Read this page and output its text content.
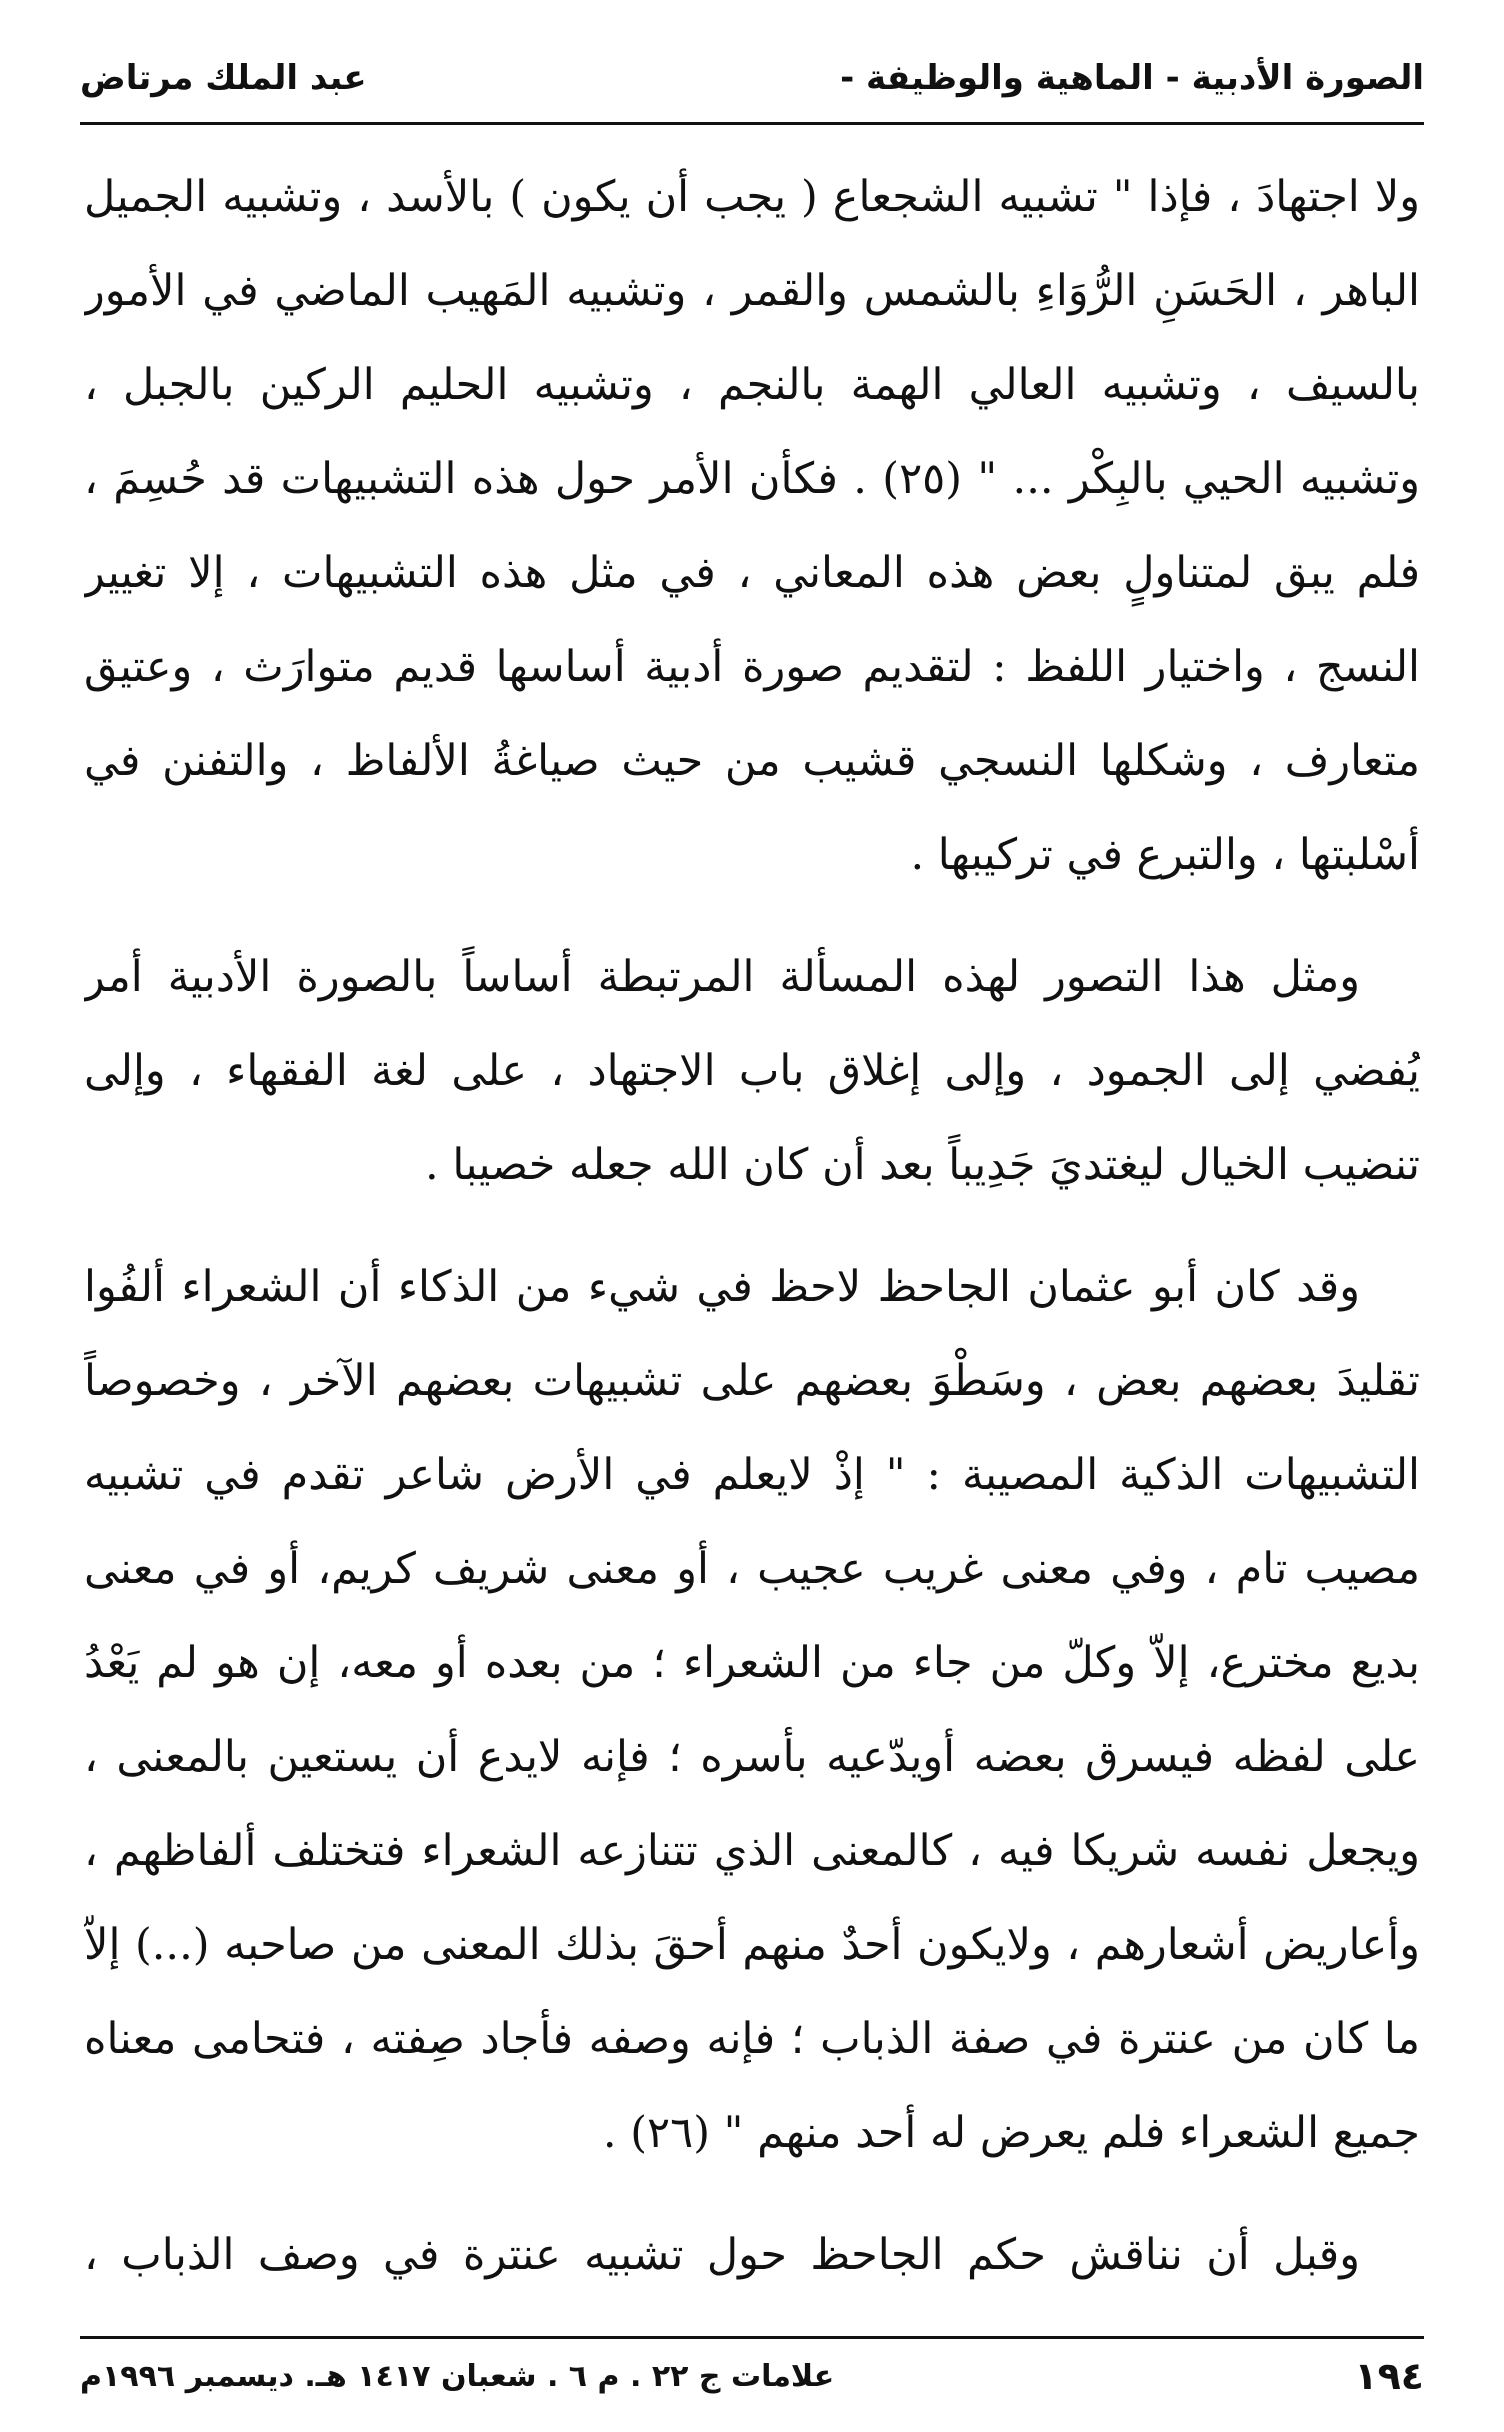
الصورة الأدبية - الماهية والوظيفة -
عبد الملك مرتاض

ولا اجتهادَ ، فإذا " تشبيه الشجعاع ( يجب أن يكون ) بالأسد ، وتشبيه الجميل الباهر ، الحَسَنِ الرُّوَاءِ بالشمس والقمر ، وتشبيه المَهيب الماضي في الأمور بالسيف ، وتشبيه العالي الهمة بالنجم ، وتشبيه الحليم الركين بالجبل ، وتشبيه الحيي بالبِكْر ... " (٢٥) . فكأن الأمر حول هذه التشبيهات قد حُسِمَ ، فلم يبق لمتناولٍ بعض هذه المعاني ، في مثل هذه التشبيهات ، إلا تغيير النسج ، واختيار اللفظ : لتقديم صورة أدبية أساسها قديم متوارَث ، وعتيق متعارف ، وشكلها النسجي قشيب من حيث صياغةُ الألفاظ ، والتفنن في أسْلبتها ، والتبرع في تركيبها .

ومثل هذا التصور لهذه المسألة المرتبطة أساساً بالصورة الأدبية أمر يُفضي إلى الجمود ، وإلى إغلاق باب الاجتهاد ، على لغة الفقهاء ، وإلى تنضيب الخيال ليغتديَ جَدِيباً بعد أن كان الله جعله خصيبا .

وقد كان أبو عثمان الجاحظ لاحظ في شيء من الذكاء أن الشعراء ألفُوا تقليدَ بعضهم بعض ، وسَطْوَ بعضهم على تشبيهات بعضهم الآخر ، وخصوصاً التشبيهات الذكية المصيبة : " إذْ لايعلم في الأرض شاعر تقدم في تشبيه مصيب تام ، وفي معنى غريب عجيب ، أو معنى شريف كريم، أو في معنى بديع مخترع، إلاّ وكلّ من جاء من الشعراء ؛ من بعده أو معه، إن هو لم يَعْدُ على لفظه فيسرق بعضه أويدّعيه بأسره ؛ فإنه لايدع أن يستعين بالمعنى ، ويجعل نفسه شريكا فيه ، كالمعنى الذي تتنازعه الشعراء فتختلف ألفاظهم ، وأعاريض أشعارهم ، ولايكون أحدٌ منهم أحقَ بذلك المعنى من صاحبه (...) إلاّ ما كان من عنترة في صفة الذباب ؛ فإنه وصفه فأجاد صِفته ، فتحامى معناه جميع الشعراء فلم يعرض له أحد منهم " (٢٦) .

وقبل أن نناقش حكم الجاحظ حول تشبيه عنترة في وصف الذباب ،

١٩٤
علامات ج ٢٢ . م ٦ . شعبان ١٤١٧ هـ. ديسمبر ١٩٩٦م
